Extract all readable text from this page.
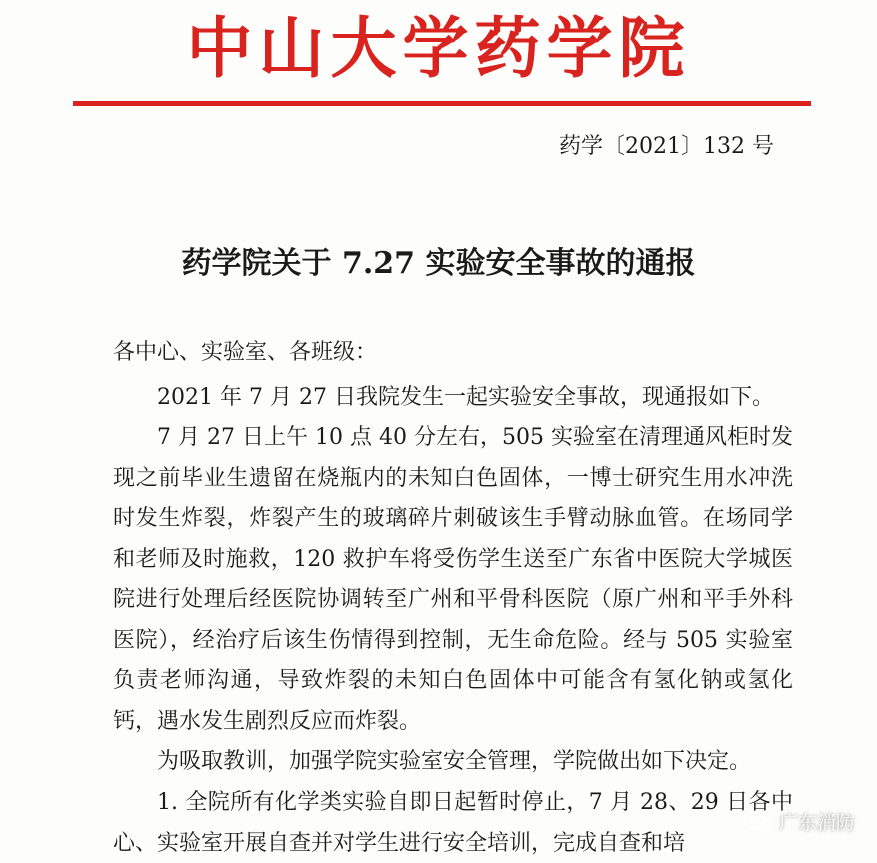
中山大学药学院
药学〔2021〕132 号
药学院关于 7.27 实验安全事故的通报
各中心、实验室、各班级：
2021 年 7 月 27 日我院发生一起实验安全事故，现通报如下。
7 月 27 日上午 10 点 40 分左右，505 实验室在清理通风柜时发现之前毕业生遗留在烧瓶内的未知白色固体，一博士研究生用水冲洗时发生炸裂，炸裂产生的玻璃碎片刺破该生手臂动脉血管。在场同学和老师及时施救，120 救护车将受伤学生送至广东省中医院大学城医院进行处理后经医院协调转至广州和平骨科医院（原广州和平手外科医院），经治疗后该生伤情得到控制，无生命危险。经与 505 实验室负责老师沟通，导致炸裂的未知白色固体中可能含有氢化钠或氢化钙，遇水发生剧烈反应而炸裂。
为吸取教训，加强学院实验室安全管理，学院做出如下决定。
1. 全院所有化学类实验自即日起暂时停止，7 月 28、29 日各中心、实验室开展自查并对学生进行安全培训，完成自查和培
广东消防
